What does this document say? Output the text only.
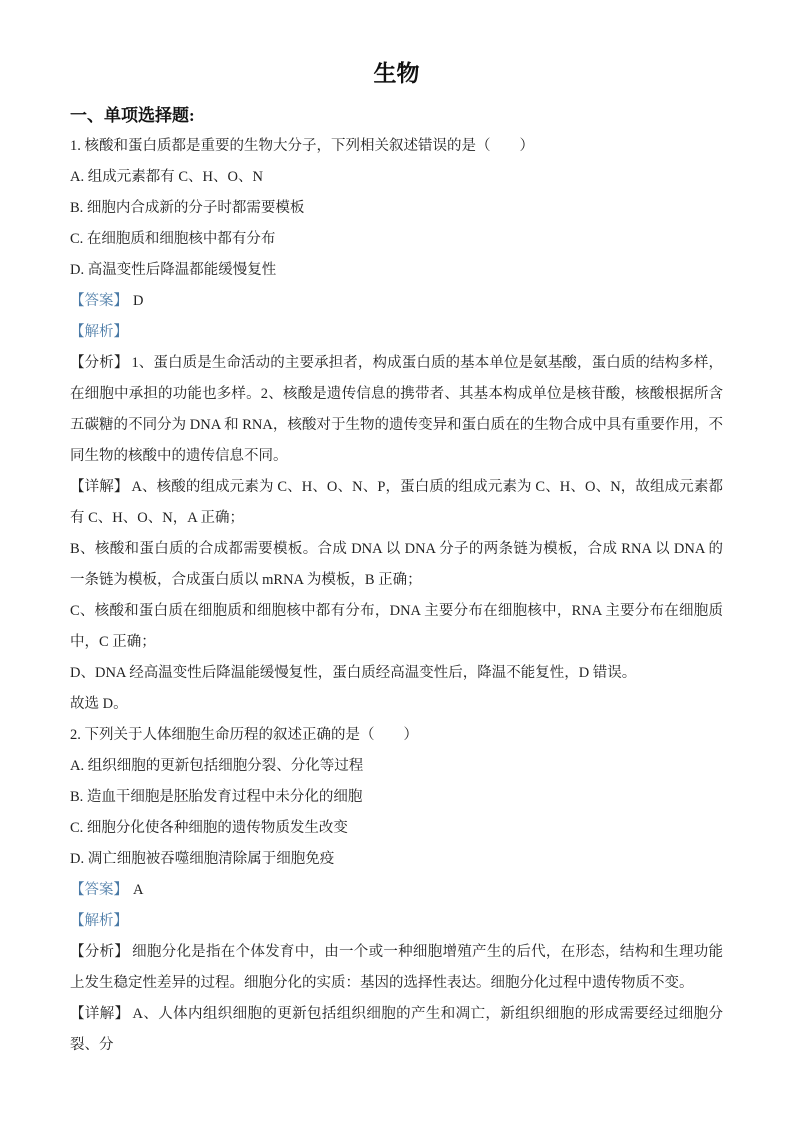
生物
一、单项选择题:

1. 核酸和蛋白质都是重要的生物大分子，下列相关叙述错误的是（        ）

A. 组成元素都有 C、H、O、N

B. 细胞内合成新的分子时都需要模板

C. 在细胞质和细胞核中都有分布

D. 高温变性后降温都能缓慢复性

【答案】 D

【解析】

【分析】 1、蛋白质是生命活动的主要承担者，构成蛋白质的基本单位是氨基酸，蛋白质的结构多样，在细胞中承担的功能也多样。2、核酸是遗传信息的携带者、其基本构成单位是核苷酸，核酸根据所含五碳糖的不同分为 DNA 和 RNA，核酸对于生物的遗传变异和蛋白质在的生物合成中具有重要作用，不同生物的核酸中的遗传信息不同。

【详解】 A、核酸的组成元素为 C、H、O、N、P，蛋白质的组成元素为 C、H、O、N，故组成元素都有 C、H、O、N，A 正确；

B、核酸和蛋白质的合成都需要模板。合成 DNA 以 DNA 分子的两条链为模板，合成 RNA 以 DNA 的一条链为模板，合成蛋白质以 mRNA 为模板，B 正确；

C、核酸和蛋白质在细胞质和细胞核中都有分布，DNA 主要分布在细胞核中，RNA 主要分布在细胞质中，C 正确；

D、DNA 经高温变性后降温能缓慢复性，蛋白质经高温变性后，降温不能复性，D 错误。

故选 D。

2. 下列关于人体细胞生命历程的叙述正确的是（        ）

A. 组织细胞的更新包括细胞分裂、分化等过程

B. 造血干细胞是胚胎发育过程中未分化的细胞

C. 细胞分化使各种细胞的遗传物质发生改变

D. 凋亡细胞被吞噬细胞清除属于细胞免疫

【答案】 A

【解析】

【分析】 细胞分化是指在个体发育中，由一个或一种细胞增殖产生的后代，在形态，结构和生理功能上发生稳定性差异的过程。细胞分化的实质：基因的选择性表达。细胞分化过程中遗传物质不变。

【详解】 A、人体内组织细胞的更新包括组织细胞的产生和凋亡，新组织细胞的形成需要经过细胞分裂、分
